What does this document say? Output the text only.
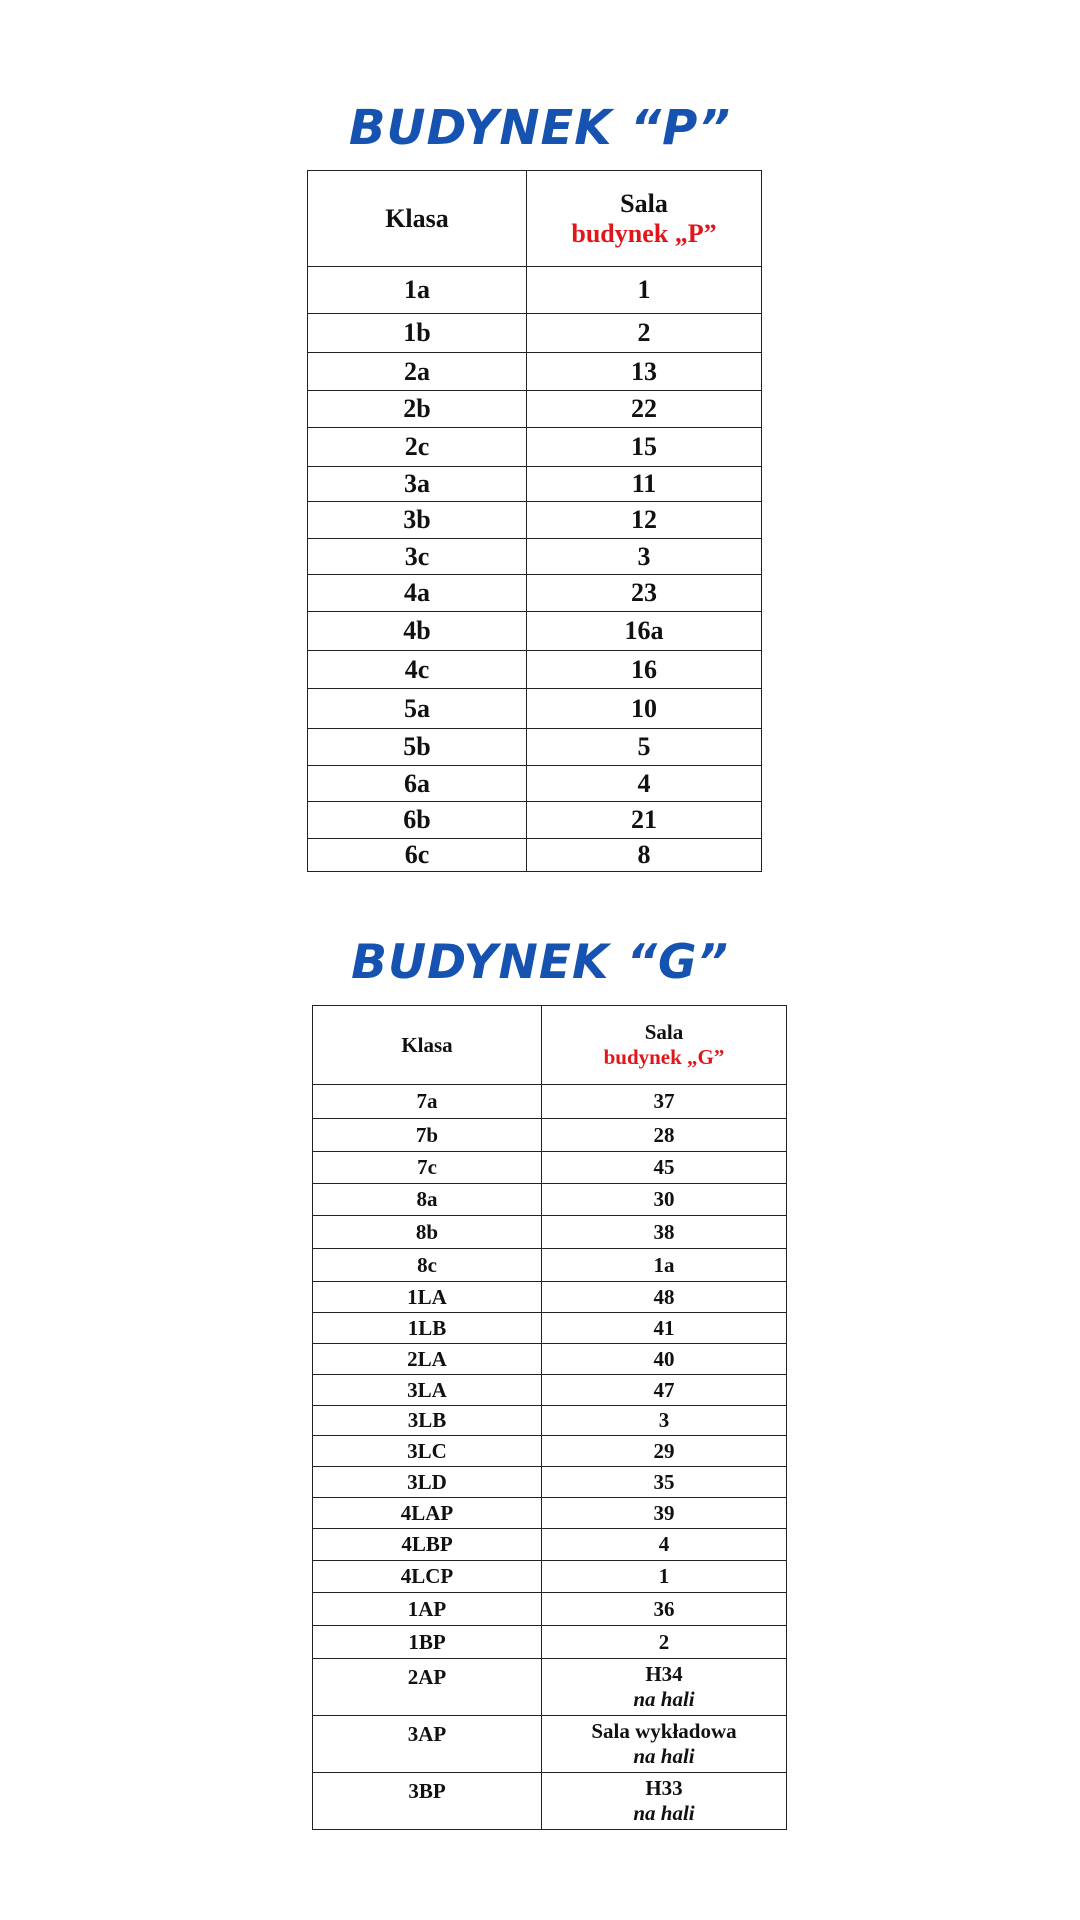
BUDYNEK “P”
Klasa	Sala
budynek „P”

1a	1
1b	2
2a	13
2b	22
2c	15
3a	11
3b	12
3c	3
4a	23
4b	16a
4c	16
5a	10
5b	5
6a	4
6b	21
6c	8
BUDYNEK “G”
Klasa	Sala
budynek „G”

7a	37
7b	28
7c	45
8a	30
8b	38
8c	1a
1LA	48
1LB	41
2LA	40
3LA	47
3LB	3
3LC	29
3LD	35
4LAP	39
4LBP	4
4LCP	1
1AP	36
1BP	2
2AP	H34
na hali

3AP	Sala wykładowa
na hali

3BP	H33
na hali
